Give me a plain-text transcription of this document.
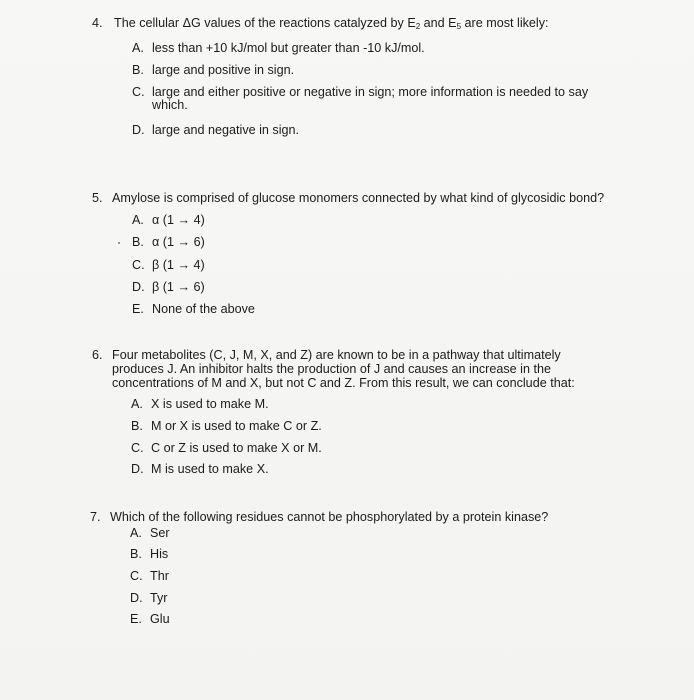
4. The cellular ΔG values of the reactions catalyzed by $E_2$ and $E_5$ are most likely:
A. less than +10 kJ/mol but greater than -10 kJ/mol.
B. large and positive in sign.
C. large and either positive or negative in sign; more information is needed to say
which.
D. large and negative in sign.
5. Amylose is comprised of glucose monomers connected by what kind of glycosidic bond?
A. α (1 → 4)
B. α (1 → 6)
C. β (1 → 4)
D. β (1 → 6)
E. None of the above
6. Four metabolites (C, J, M, X, and Z) are known to be in a pathway that ultimately
produces J. An inhibitor halts the production of J and causes an increase in the
concentrations of M and X, but not C and Z. From this result, we can conclude that:
A. X is used to make M.
B. M or X is used to make C or Z.
C. C or Z is used to make X or M.
D. M is used to make X.
7. Which of the following residues cannot be phosphorylated by a protein kinase?
A. Ser
B. His
C. Thr
D. Tyr
E. Glu
